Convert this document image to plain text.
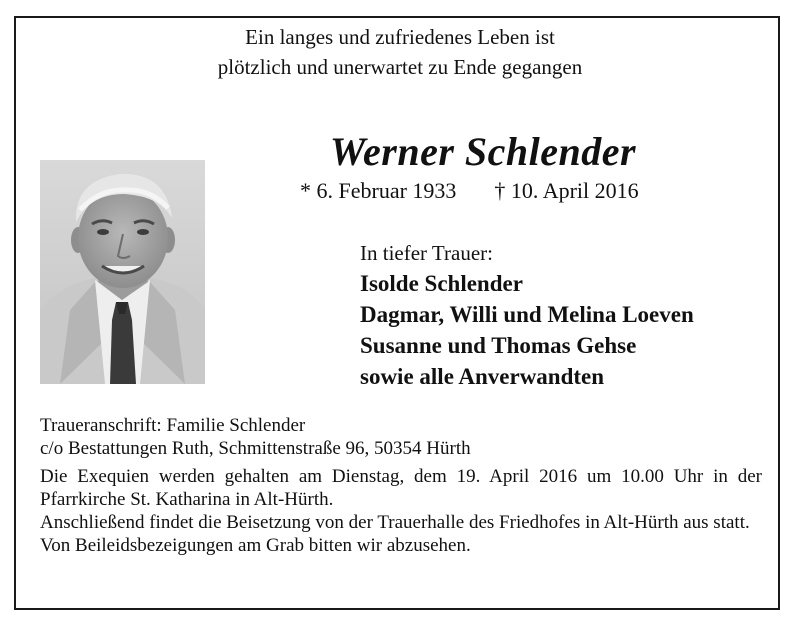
Ein langes und zufriedenes Leben ist
plötzlich und unerwartet zu Ende gegangen
Werner Schlender
* 6. Februar 1933 † 10. April 2016
In tiefer Trauer:
Isolde Schlender
Dagmar, Willi und Melina Loeven
Susanne und Thomas Gehse
sowie alle Anverwandten
Traueranschrift: Familie Schlender
c/o Bestattungen Ruth, Schmittenstraße 96, 50354 Hürth
Die Exequien werden gehalten am Dienstag, dem 19. April 2016 um 10.00 Uhr in der Pfarrkirche St. Katharina in Alt-Hürth.
Anschließend findet die Beisetzung von der Trauerhalle des Friedhofes in Alt-Hürth aus statt.
Von Beileidsbezeigungen am Grab bitten wir abzusehen.
